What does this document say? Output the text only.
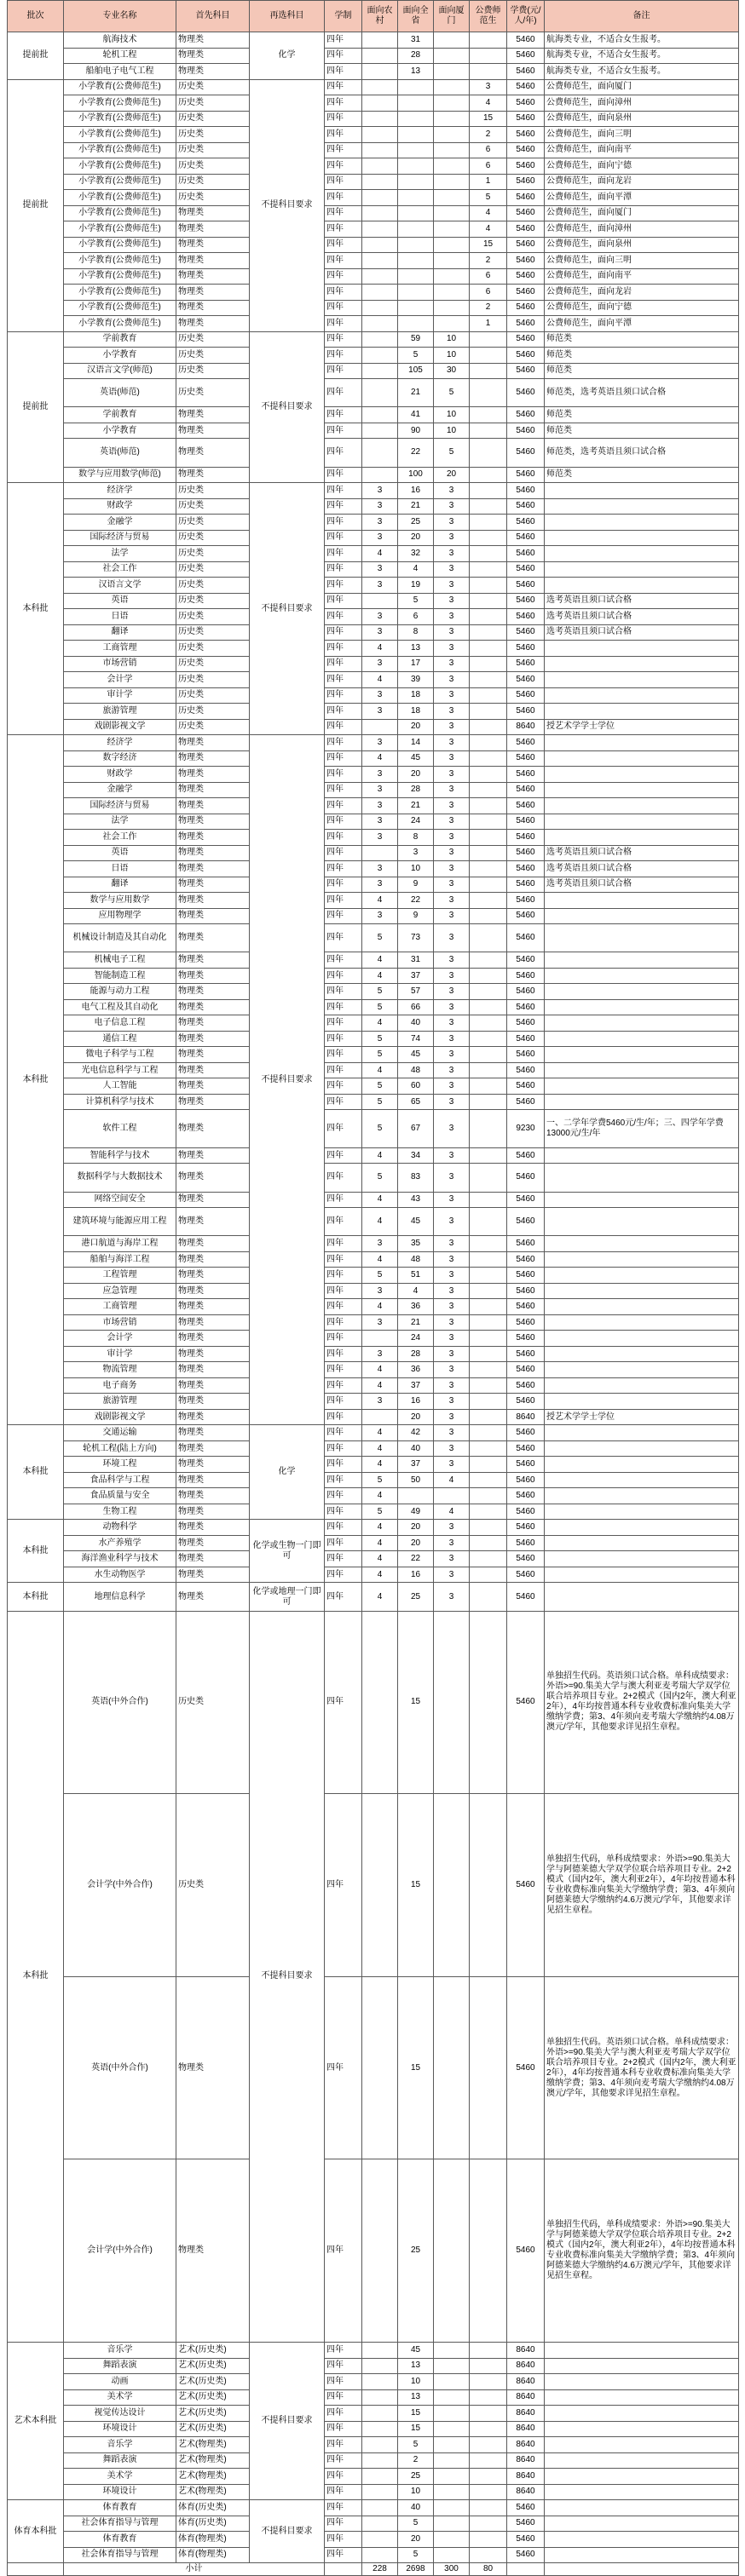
批次	专业名称	首先科目	再选科目	学制	面向农村	面向全省	面向厦门	公费师范生	学费(元/人/年)	备注
提前批	航海技术	物理类	化学	四年		31			5460	航海类专业，不适合女生报考。
	轮机工程	物理类		四年		28			5460	航海类专业，不适合女生报考。
	船舶电子电气工程	物理类		四年		13			5460	航海类专业，不适合女生报考。
提前批	小学教育(公费师范生)	历史类	不提科目要求	四年				3	5460	公费师范生，面向厦门
	小学教育(公费师范生)	历史类		四年				4	5460	公费师范生，面向漳州
	小学教育(公费师范生)	历史类		四年				15	5460	公费师范生，面向泉州
	小学教育(公费师范生)	历史类		四年				2	5460	公费师范生，面向三明
	小学教育(公费师范生)	历史类		四年				6	5460	公费师范生，面向南平
	小学教育(公费师范生)	历史类		四年				6	5460	公费师范生，面向宁德
	小学教育(公费师范生)	历史类		四年				1	5460	公费师范生，面向龙岩
	小学教育(公费师范生)	历史类		四年				5	5460	公费师范生，面向平潭
	小学教育(公费师范生)	物理类		四年				4	5460	公费师范生，面向厦门
	小学教育(公费师范生)	物理类		四年				4	5460	公费师范生，面向漳州
	小学教育(公费师范生)	物理类		四年				15	5460	公费师范生，面向泉州
	小学教育(公费师范生)	物理类		四年				2	5460	公费师范生，面向三明
	小学教育(公费师范生)	物理类		四年				6	5460	公费师范生，面向南平
	小学教育(公费师范生)	物理类		四年				6	5460	公费师范生，面向龙岩
	小学教育(公费师范生)	物理类		四年				2	5460	公费师范生，面向宁德
	小学教育(公费师范生)	物理类		四年				1	5460	公费师范生，面向平潭
提前批	学前教育	历史类	不提科目要求	四年		59	10		5460	师范类
	小学教育	历史类		四年		5	10		5460	师范类
	汉语言文学(师范)	历史类		四年		105	30		5460	师范类
	英语(师范)	历史类		四年		21	5		5460	师范类，选考英语且须口试合格
	学前教育	物理类		四年		41	10		5460	师范类
	小学教育	物理类		四年		90	10		5460	师范类
	英语(师范)	物理类		四年		22	5		5460	师范类，选考英语且须口试合格
	数学与应用数学(师范)	物理类		四年		100	20		5460	师范类
本科批	经济学	历史类	不提科目要求	四年	3	16	3		5460	
	财政学	历史类		四年	3	21	3		5460	
	金融学	历史类		四年	3	25	3		5460	
	国际经济与贸易	历史类		四年	3	20	3		5460	
	法学	历史类		四年	4	32	3		5460	
	社会工作	历史类		四年	3	4	3		5460	
	汉语言文学	历史类		四年	3	19	3		5460	
	英语	历史类		四年		5	3		5460	选考英语且须口试合格
	日语	历史类		四年	3	6	3		5460	选考英语且须口试合格
	翻译	历史类		四年	3	8	3		5460	选考英语且须口试合格
	工商管理	历史类		四年	4	13	3		5460	
	市场营销	历史类		四年	3	17	3		5460	
	会计学	历史类		四年	4	39	3		5460	
	审计学	历史类		四年	3	18	3		5460	
	旅游管理	历史类		四年	3	18	3		5460	
	戏剧影视文学	历史类		四年		20	3		8640	授艺术学学士学位
本科批	经济学	物理类	不提科目要求	四年	3	14	3		5460	
	数字经济	物理类		四年	4	45	3		5460	
	财政学	物理类		四年	3	20	3		5460	
	金融学	物理类		四年	3	28	3		5460	
	国际经济与贸易	物理类		四年	3	21	3		5460	
	法学	物理类		四年	3	24	3		5460	
	社会工作	物理类		四年	3	8	3		5460	
	英语	物理类		四年		3	3		5460	选考英语且须口试合格
	日语	物理类		四年	3	10	3		5460	选考英语且须口试合格
	翻译	物理类		四年	3	9	3		5460	选考英语且须口试合格
	数学与应用数学	物理类		四年	4	22	3		5460	
	应用物理学	物理类		四年	3	9	3		5460	
	机械设计制造及其自动化	物理类		四年	5	73	3		5460	
	机械电子工程	物理类		四年	4	31	3		5460	
	智能制造工程	物理类		四年	4	37	3		5460	
	能源与动力工程	物理类		四年	5	57	3		5460	
	电气工程及其自动化	物理类		四年	5	66	3		5460	
	电子信息工程	物理类		四年	4	40	3		5460	
	通信工程	物理类		四年	5	74	3		5460	
	微电子科学与工程	物理类		四年	5	45	3		5460	
	光电信息科学与工程	物理类		四年	4	48	3		5460	
	人工智能	物理类		四年	5	60	3		5460	
	计算机科学与技术	物理类		四年	5	65	3		5460	
	软件工程	物理类		四年	5	67	3		9230	一、二学年学费5460元/生/年；三、四学年学费13000元/生/年
	智能科学与技术	物理类		四年	4	34	3		5460	
	数据科学与大数据技术	物理类		四年	5	83	3		5460	
	网络空间安全	物理类		四年	4	43	3		5460	
	建筑环境与能源应用工程	物理类		四年	4	45	3		5460	
	港口航道与海岸工程	物理类		四年	3	35	3		5460	
	船舶与海洋工程	物理类		四年	4	48	3		5460	
	工程管理	物理类		四年	5	51	3		5460	
	应急管理	物理类		四年	3	4	3		5460	
	工商管理	物理类		四年	4	36	3		5460	
	市场营销	物理类		四年	3	21	3		5460	
	会计学	物理类		四年		24	3		5460	
	审计学	物理类		四年	3	28	3		5460	
	物流管理	物理类		四年	4	36	3		5460	
	电子商务	物理类		四年	4	37	3		5460	
	旅游管理	物理类		四年	3	16	3		5460	
	戏剧影视文学	物理类		四年		20	3		8640	授艺术学学士学位
本科批	交通运输	物理类	化学	四年	4	42	3		5460	
	轮机工程(陆上方向)	物理类		四年	4	40	3		5460	
	环境工程	物理类		四年	4	37	3		5460	
	食品科学与工程	物理类		四年	5	50	4		5460	
	食品质量与安全	物理类		四年	4				5460	
	生物工程	物理类		四年	5	49	4		5460	
本科批	动物科学	物理类	化学或生物一门即可	四年	4	20	3		5460	
	水产养殖学	物理类		四年	4	20	3		5460	
	海洋渔业科学与技术	物理类		四年	4	22	3		5460	
	水生动物医学	物理类		四年	4	16	3		5460	
本科批	地理信息科学	物理类	化学或地理一门即可	四年	4	25	3		5460	
本科批	英语(中外合作)	历史类	不提科目要求	四年		15			5460	单独招生代码。英语须口试合格。单科成绩要求：外语>=90.集美大学与澳大利亚麦考瑞大学双学位联合培养项目专业。2+2模式（国内2年，澳大利亚2年），4年均按普通本科专业收费标准向集美大学缴纳学费；第3、4年须向麦考瑞大学缴纳约4.08万澳元/学年，其他要求详见招生章程。
	会计学(中外合作)	历史类		四年		15			5460	单独招生代码，单科成绩要求：外语>=90.集美大学与阿德莱德大学双学位联合培养项目专业。2+2模式（国内2年，澳大利亚2年），4年均按普通本科专业收费标准向集美大学缴纳学费；第3、4年须向阿德莱德大学缴纳约4.6万澳元/学年，其他要求详见招生章程。
	英语(中外合作)	物理类		四年		15			5460	单独招生代码。英语须口试合格。单科成绩要求：外语>=90.集美大学与澳大利亚麦考瑞大学双学位联合培养项目专业。2+2模式（国内2年，澳大利亚2年），4年均按普通本科专业收费标准向集美大学缴纳学费；第3、4年须向麦考瑞大学缴纳约4.08万澳元/学年，其他要求详见招生章程。
	会计学(中外合作)	物理类		四年		25			5460	单独招生代码，单科成绩要求：外语>=90.集美大学与阿德莱德大学双学位联合培养项目专业。2+2模式（国内2年，澳大利亚2年），4年均按普通本科专业收费标准向集美大学缴纳学费；第3、4年须向阿德莱德大学缴纳约4.6万澳元/学年，其他要求详见招生章程。
艺术本科批	音乐学	艺术(历史类)	不提科目要求	四年		45			8640	
	舞蹈表演	艺术(历史类)		四年		13			8640	
	动画	艺术(历史类)		四年		10			8640	
	美术学	艺术(历史类)		四年		13			8640	
	视觉传达设计	艺术(历史类)		四年		15			8640	
	环境设计	艺术(历史类)		四年		15			8640	
	音乐学	艺术(物理类)		四年		5			8640	
	舞蹈表演	艺术(物理类)		四年		2			8640	
	美术学	艺术(物理类)		四年		25			8640	
	环境设计	艺术(物理类)		四年		10			8640	
体育本科批	体育教育	体育(历史类)	不提科目要求	四年		40			5460	
	社会体育指导与管理	体育(历史类)		四年		5			5460	
	体育教育	体育(物理类)		四年		20			5460	
	社会体育指导与管理	体育(物理类)		四年		5			5460	
	小计				228	2698	300	80		
